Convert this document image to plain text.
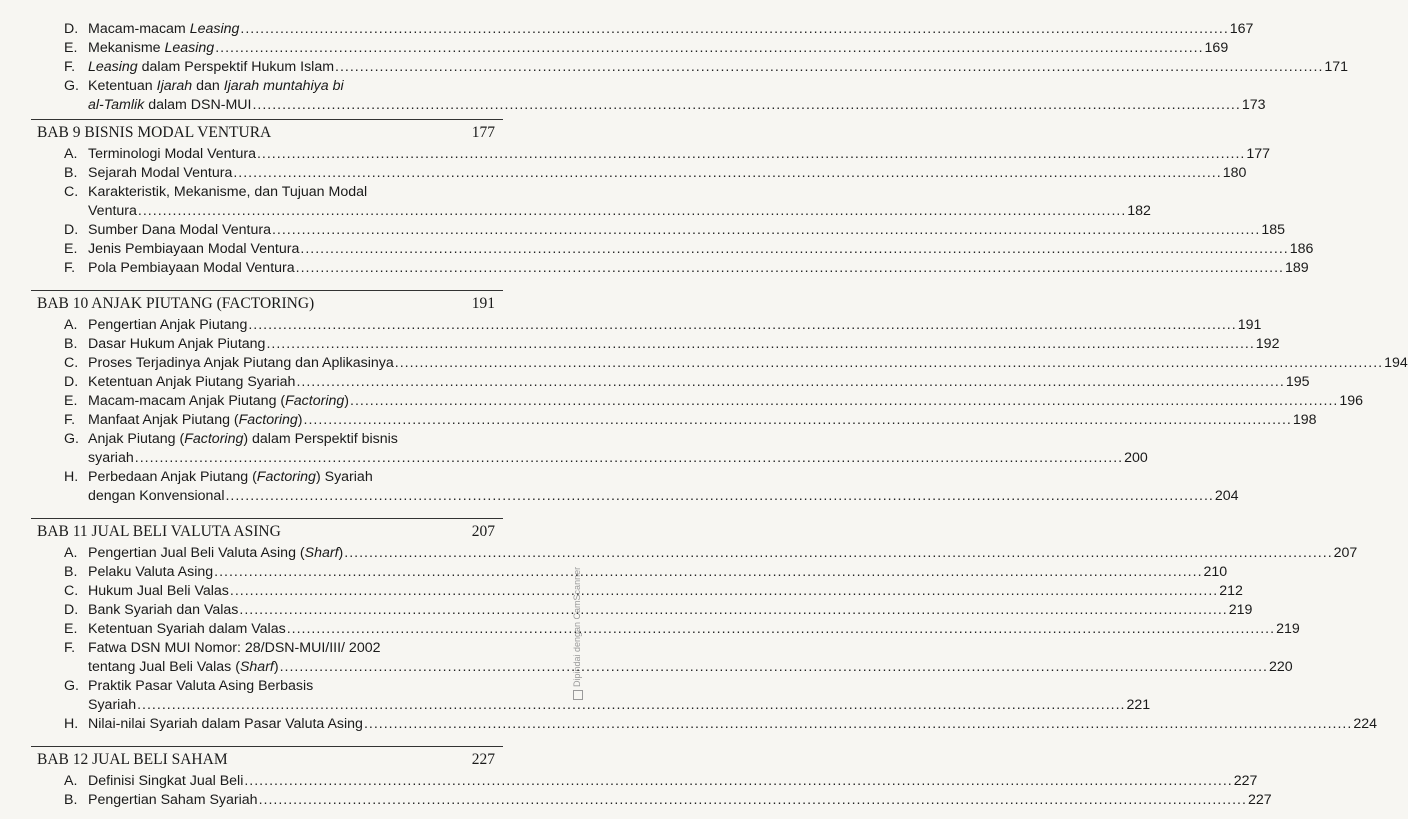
Dipindai dengan CamScanner
D. Macam-macam Leasing ........................................................................................................................................................................................................ 167
E. Mekanisme Leasing ........................................................................................................................................................................................................ 169
F. Leasing dalam Perspektif Hukum Islam ........................................................................................................................................................................................................ 171
G. Ketentuan Ijarah dan Ijarah muntahiya bi
al-Tamlik dalam DSN-MUI ........................................................................................................................................................................................................ 173
BAB 9 BISNIS MODAL VENTURA	177
A. Terminologi Modal Ventura ........................................................................................................................................................................................................ 177
B. Sejarah Modal Ventura ........................................................................................................................................................................................................ 180
C. Karakteristik, Mekanisme, dan Tujuan Modal
Ventura ........................................................................................................................................................................................................ 182
D. Sumber Dana Modal Ventura ........................................................................................................................................................................................................ 185
E. Jenis Pembiayaan Modal Ventura ........................................................................................................................................................................................................ 186
F. Pola Pembiayaan Modal Ventura ........................................................................................................................................................................................................ 189
BAB 10 ANJAK PIUTANG (FACTORING)	191
A. Pengertian Anjak Piutang ........................................................................................................................................................................................................ 191
B. Dasar Hukum Anjak Piutang ........................................................................................................................................................................................................ 192
C. Proses Terjadinya Anjak Piutang dan Aplikasinya ........................................................................................................................................................................................................ 194
D. Ketentuan Anjak Piutang Syariah ........................................................................................................................................................................................................ 195
E. Macam-macam Anjak Piutang (Factoring) ........................................................................................................................................................................................................ 196
F. Manfaat Anjak Piutang (Factoring) ........................................................................................................................................................................................................ 198
G. Anjak Piutang (Factoring) dalam Perspektif bisnis
syariah ........................................................................................................................................................................................................ 200
H. Perbedaan Anjak Piutang (Factoring) Syariah
dengan Konvensional ........................................................................................................................................................................................................ 204
BAB 11 JUAL BELI VALUTA ASING	207
A. Pengertian Jual Beli Valuta Asing (Sharf) ........................................................................................................................................................................................................ 207
B. Pelaku Valuta Asing ........................................................................................................................................................................................................ 210
C. Hukum Jual Beli Valas ........................................................................................................................................................................................................ 212
D. Bank Syariah dan Valas ........................................................................................................................................................................................................ 219
E. Ketentuan Syariah dalam Valas ........................................................................................................................................................................................................ 219
F. Fatwa DSN MUI Nomor: 28/DSN-MUI/III/ 2002
tentang Jual Beli Valas (Sharf) ........................................................................................................................................................................................................ 220
G. Praktik Pasar Valuta Asing Berbasis
Syariah ........................................................................................................................................................................................................ 221
H. Nilai-nilai Syariah dalam Pasar Valuta Asing ........................................................................................................................................................................................................ 224
BAB 12 JUAL BELI SAHAM	227
A. Definisi Singkat Jual Beli ........................................................................................................................................................................................................ 227
B. Pengertian Saham Syariah ........................................................................................................................................................................................................ 227
